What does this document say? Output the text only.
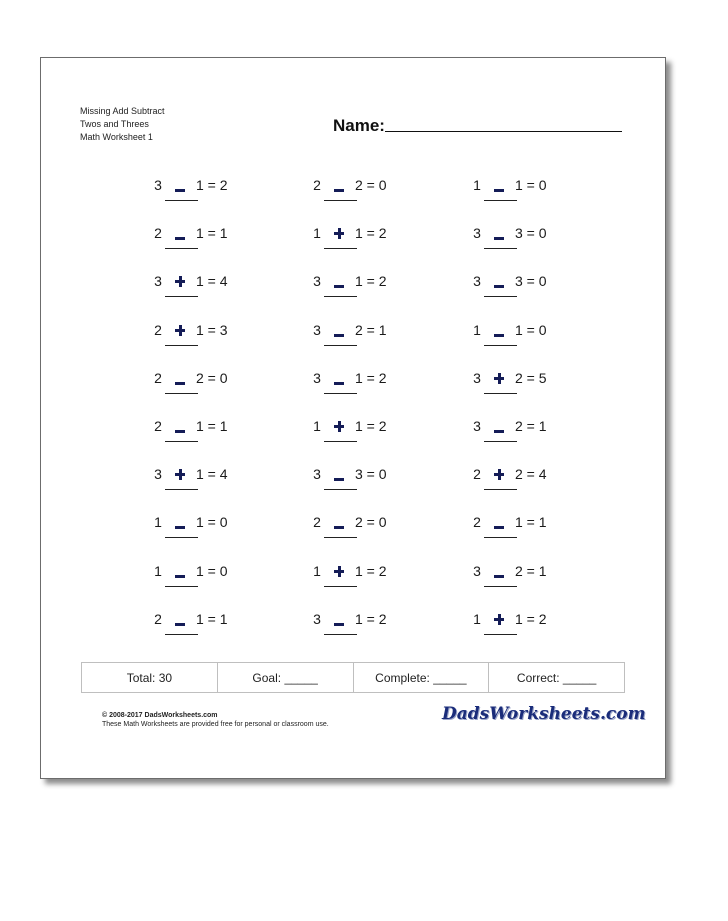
Missing Add Subtract
Twos and Threes
Math Worksheet 1
Name:
3 1 = 2
2 1 = 1
3 1 = 4
2 1 = 3
2 2 = 0
2 1 = 1
3 1 = 4
1 1 = 0
1 1 = 0
2 1 = 1
2 2 = 0
1 1 = 2
3 1 = 2
3 2 = 1
3 1 = 2
1 1 = 2
3 3 = 0
2 2 = 0
1 1 = 2
3 1 = 2
1 1 = 0
3 3 = 0
3 3 = 0
1 1 = 0
3 2 = 5
3 2 = 1
2 2 = 4
2 1 = 1
3 2 = 1
1 1 = 2
Total: 30	Goal: _____	Complete: _____	Correct: _____
© 2008-2017 DadsWorksheets.com
These Math Worksheets are provided free for personal or classroom use.
DadsWorksheets.com
